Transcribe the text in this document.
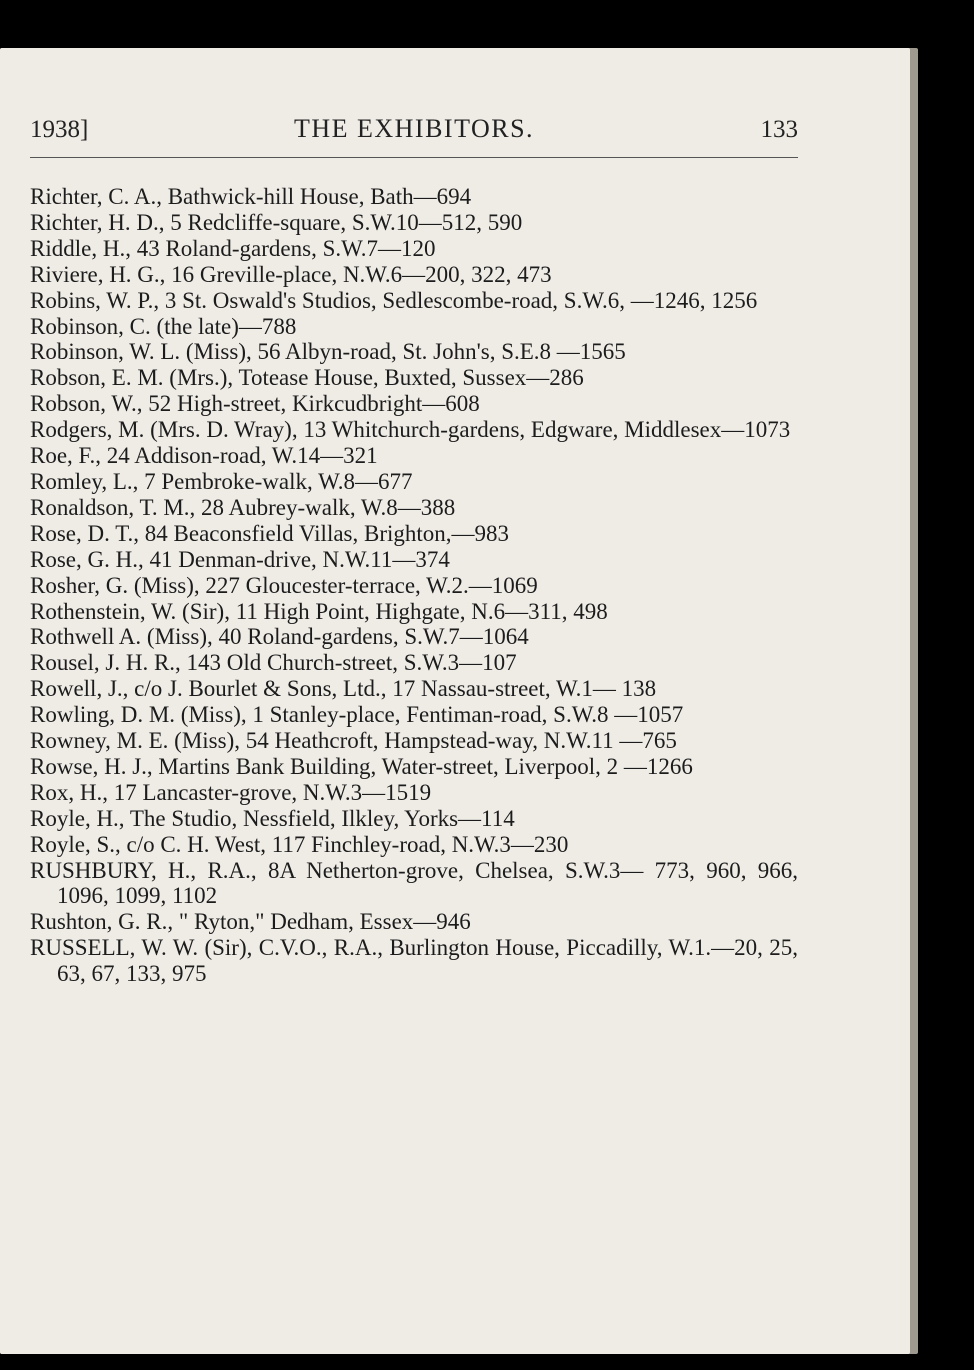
1938]	THE EXHIBITORS.	133
Richter, C. A., Bathwick-hill House, Bath—694
Richter, H. D., 5 Redcliffe-square, S.W.10—512, 590
Riddle, H., 43 Roland-gardens, S.W.7—120
Riviere, H. G., 16 Greville-place, N.W.6—200, 322, 473
Robins, W. P., 3 St. Oswald's Studios, Sedlescombe-road, S.W.6, —1246, 1256
Robinson, C. (the late)—788
Robinson, W. L. (Miss), 56 Albyn-road, St. John's, S.E.8 —1565
Robson, E. M. (Mrs.), Totease House, Buxted, Sussex—286
Robson, W., 52 High-street, Kirkcudbright—608
Rodgers, M. (Mrs. D. Wray), 13 Whitchurch-gardens, Edgware, Middlesex—1073
Roe, F., 24 Addison-road, W.14—321
Romley, L., 7 Pembroke-walk, W.8—677
Ronaldson, T. M., 28 Aubrey-walk, W.8—388
Rose, D. T., 84 Beaconsfield Villas, Brighton,—983
Rose, G. H., 41 Denman-drive, N.W.11—374
Rosher, G. (Miss), 227 Gloucester-terrace, W.2.—1069
Rothenstein, W. (Sir), 11 High Point, Highgate, N.6—311, 498
Rothwell A. (Miss), 40 Roland-gardens, S.W.7—1064
Rousel, J. H. R., 143 Old Church-street, S.W.3—107
Rowell, J., c/o J. Bourlet & Sons, Ltd., 17 Nassau-street, W.1— 138
Rowling, D. M. (Miss), 1 Stanley-place, Fentiman-road, S.W.8 —1057
Rowney, M. E. (Miss), 54 Heathcroft, Hampstead-way, N.W.11 —765
Rowse, H. J., Martins Bank Building, Water-street, Liverpool, 2 —1266
Rox, H., 17 Lancaster-grove, N.W.3—1519
Royle, H., The Studio, Nessfield, Ilkley, Yorks—114
Royle, S., c/o C. H. West, 117 Finchley-road, N.W.3—230
RUSHBURY, H., R.A., 8A Netherton-grove, Chelsea, S.W.3— 773, 960, 966, 1096, 1099, 1102
Rushton, G. R., " Ryton," Dedham, Essex—946
RUSSELL, W. W. (Sir), C.V.O., R.A., Burlington House, Piccadilly, W.1.—20, 25, 63, 67, 133, 975
